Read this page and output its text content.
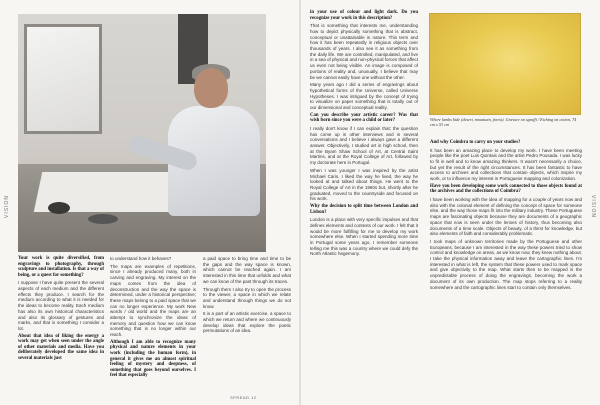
VISION	VISION
Where lambs hide (desert, mountain, forest). Gravure on sgraffi / Etching on cotton, 74 cm x 53 cm

Your work is quite diversified, from engravings to photography, through sculpture and installation. Is that a way of being, or a quest for something?

I suppose I have quite present the several aspects of each medium and the different effects they produce. I search for the medium according to what it is needed for the ideas to become reality. Each medium has also its own historical characteristics and also its glossary of gestures and marks, and that is something I consider a lot.

About that idea of liking the energy a work may get when seen under the angle of other materials and media. Have you deliberately developed the same idea in several materials just

to understand how it behaves?

The maps are examples of repetitions, since I already produced many, both in carving and engraving. My interest on the maps comes from the idea of deconstruction and the way the space is determined, under a historical perspective; these maps belong to a paid space that we can no longer experience. My work New words / old world and the maps are an attempt to synchronize the ideas of memory and question how we can know something that is no longer within our reach.

Although I am able to recognize many physical and nature elements in your work (including the human form), in general it gives me an almost spiritual feeling of mystery and deepness, of something that goes beyond ourselves. I feel that especially

a paid space to bring time and time to be the gaps and the way space is known, which cannot be reached again. I am interested in this time that unfolds and what we can know of the past through its traces.

Through them I also try to open the process to the viewer, a space in which we relate and understand through things we do not know.

It is a part of an artistic exercise, a space to which we return and where we continuously develop ideas that explore the poetic permutations of an idea.

in your use of colour and light dark. Do you recognize your work in this description?

That is something that interests me, understanding how to depict physically something that is abstract, conceptual or unattainable in nature. This term and how it has been repeatedly in religious objects over thousands of years. I also see it as something from the daily life. We are controlled, manipulated, and live in a sea of physical and non-physical forces that affect us even not being visible. An image is composed of portions of reality and, unusually, I believe that may be we cannot easily have one without the other.

Many years ago I did a series of engravings about hypothetical forms of the Universe, called Universe Hypotheses. I was intrigued by the concept of trying to visualize on paper something that is totally out of our dimensional and conceptual reality.

Can you describe your artistic career? Was that wish born since you were a child or later?

I really don't know if I can explain that; the question has come up in other interviews and in several conversations and I believe I always gave a different answer. Objectively, I studied art in high school, then at the Byam Shaw School of Art, at Central Saint Martins, and at the Royal College of Art, followed by my doctorate here in Portugal.

When I was younger I was inspired by the artist Michael Caris. I liked the way he lived, the way he looked at and talked about things. He went to the Royal College of Art in the 1960s but, shortly after he graduated, moved to the countryside and focused on his work.

Why the decision to split time between London and Lisbon?

London is a place with very specific impulses and that defines elements and contexts of our work. I felt that it would be more fulfilling for me to develop my work somewhere else. When I started spending more time in Portugal some years ago, I remember someone telling me this was a country where we could defy the North Atlantic hegemony.

And why Coimbra to carry on your studies?

It has been an amazing place to develop my work. I have been meeting people like the poet Luis Quintais and the artist Pedro Pousada. I was lucky to fit in well and to know amazing thinkers. It wasn't necessarily a choice, but yet the result of the right circumstances. It has been fantastic to have access to archives and collections that contain objects, which inspire my work, or to influence my interest in Portuguese mapping and colonization.

Have you been developing some work connected to those objects found at the archives and the collections of Coimbra?

I have been working with the idea of mapping for a couple of years now and also with the colonial element of defining the concept of space for someone else, and the way those maps fit into the military industry. These Portuguese maps are fascinating objects because they are documents of a geographic space that now is seen under the lenses of history, thus becoming also documents of a time scale. Objects of beauty, of a thirst for knowledge, but also elements of faith and considerably problematic.

I took maps of unknown territories made by the Portuguese and other Europeans, because I am interested in the way these powers tried to show control and knowledge on areas, as we know now, they knew nothing about. I take the physical information away and leave the cartographic lines. I'm interested in what is left, the system that these powers used to mark space and give objectivity to the map. What starts then to be mapped is the unpredictable process of doing the engravings, becoming the work a document of its own production. The map stops referring to a reality somewhere and the cartographic lines start to contain only themselves.

SPREAD 12
